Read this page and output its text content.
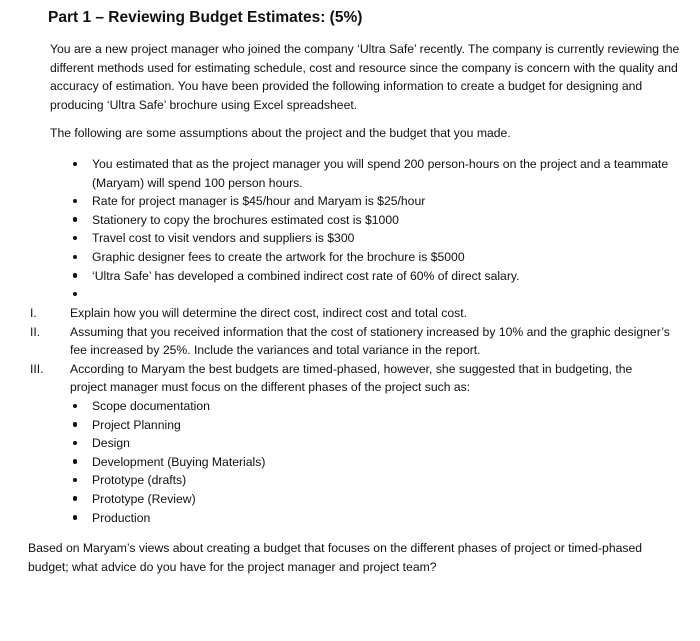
Part 1 – Reviewing Budget Estimates: (5%)

You are a new project manager who joined the company ‘Ultra Safe’ recently. The company is currently reviewing the different methods used for estimating schedule, cost and resource since the company is concern with the quality and accuracy of estimation. You have been provided the following information to create a budget for designing and producing ‘Ultra Safe’ brochure using Excel spreadsheet.

The following are some assumptions about the project and the budget that you made.

You estimated that as the project manager you will spend 200 person-hours on the project and a teammate (Maryam) will spend 100 person hours.
Rate for project manager is $45/hour and Maryam is $25/hour
Stationery to copy the brochures estimated cost is $1000
Travel cost to visit vendors and suppliers is $300
Graphic designer fees to create the artwork for the brochure is $5000
‘Ultra Safe’ has developed a combined indirect cost rate of 60% of direct salary.

I.	Explain how you will determine the direct cost, indirect cost and total cost.
II.	Assuming that you received information that the cost of stationery increased by 10% and the graphic designer’s fee increased by 25%. Include the variances and total variance in the report.
III.	According to Maryam the best budgets are timed-phased, however, she suggested that in budgeting, the project manager must focus on the different phases of the project such as:
Scope documentation
Project Planning
Design
Development (Buying Materials)
Prototype (drafts)
Prototype (Review)
Production

Based on Maryam’s views about creating a budget that focuses on the different phases of project or timed-phased budget; what advice do you have for the project manager and project team?
